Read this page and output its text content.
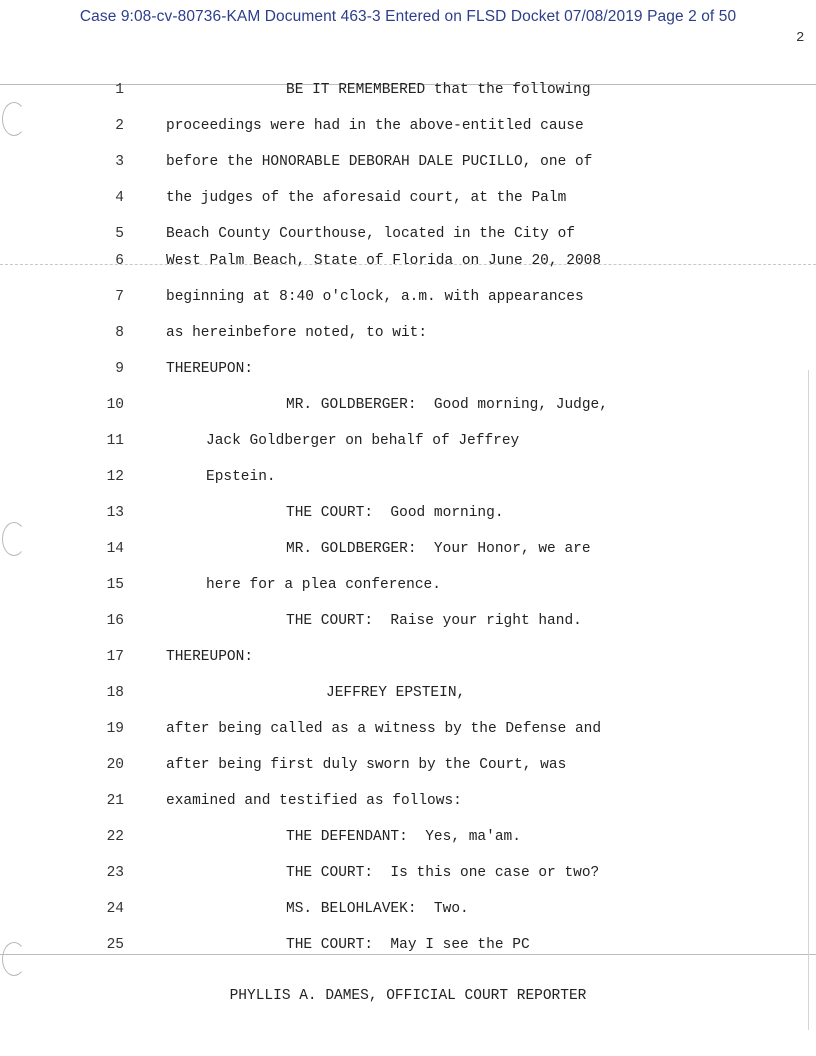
Case 9:08-cv-80736-KAM Document 463-3 Entered on FLSD Docket 07/08/2019 Page 2 of 50
2
1	BE IT REMEMBERED that the following
2	proceedings were had in the above-entitled cause
3	before the HONORABLE DEBORAH DALE PUCILLO, one of
4	the judges of the aforesaid court, at the Palm
5	Beach County Courthouse, located in the City of
6	West Palm Beach, State of Florida on June 20, 2008
7	beginning at 8:40 o'clock, a.m. with appearances
8	as hereinbefore noted, to wit:
9	THEREUPON:
10	MR. GOLDBERGER:  Good morning, Judge,
11	Jack Goldberger on behalf of Jeffrey
12	Epstein.
13	THE COURT:  Good morning.
14	MR. GOLDBERGER:  Your Honor, we are
15	here for a plea conference.
16	THE COURT:  Raise your right hand.
17	THEREUPON:
18	JEFFREY EPSTEIN,
19	after being called as a witness by the Defense and
20	after being first duly sworn by the Court, was
21	examined and testified as follows:
22	THE DEFENDANT:  Yes, ma'am.
23	THE COURT:  Is this one case or two?
24	MS. BELOHLAVEK:  Two.
25	THE COURT:  May I see the PC
PHYLLIS A. DAMES, OFFICIAL COURT REPORTER
